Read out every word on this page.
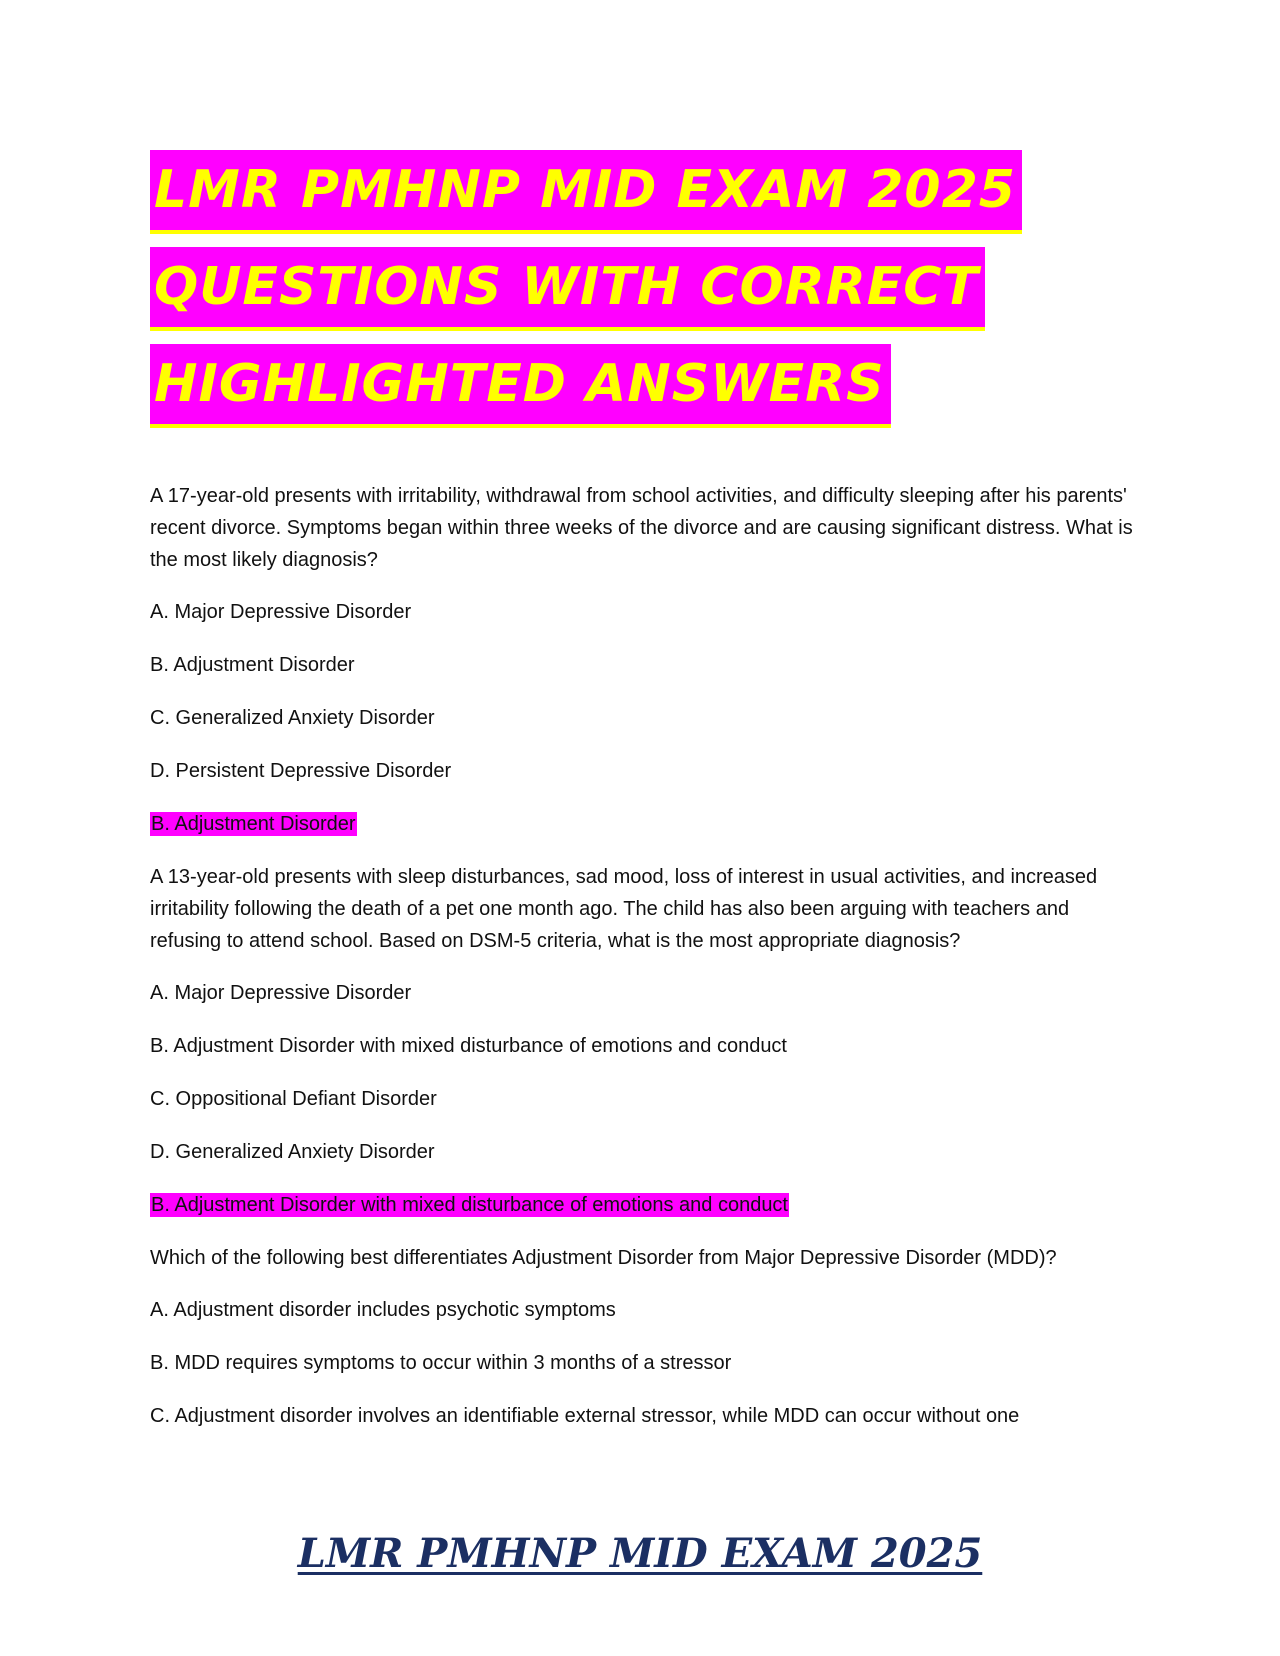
LMR PMHNP MID EXAM 2025
QUESTIONS WITH CORRECT
HIGHLIGHTED ANSWERS

A 17-year-old presents with irritability, withdrawal from school activities, and difficulty sleeping after his parents' recent divorce. Symptoms began within three weeks of the divorce and are causing significant distress. What is the most likely diagnosis?

A. Major Depressive Disorder

B. Adjustment Disorder

C. Generalized Anxiety Disorder

D. Persistent Depressive Disorder

B. Adjustment Disorder

A 13-year-old presents with sleep disturbances, sad mood, loss of interest in usual activities, and increased irritability following the death of a pet one month ago. The child has also been arguing with teachers and refusing to attend school. Based on DSM-5 criteria, what is the most appropriate diagnosis?

A. Major Depressive Disorder

B. Adjustment Disorder with mixed disturbance of emotions and conduct

C. Oppositional Defiant Disorder

D. Generalized Anxiety Disorder

B. Adjustment Disorder with mixed disturbance of emotions and conduct

Which of the following best differentiates Adjustment Disorder from Major Depressive Disorder (MDD)?

A. Adjustment disorder includes psychotic symptoms

B. MDD requires symptoms to occur within 3 months of a stressor

C. Adjustment disorder involves an identifiable external stressor, while MDD can occur without one

LMR PMHNP MID EXAM 2025
